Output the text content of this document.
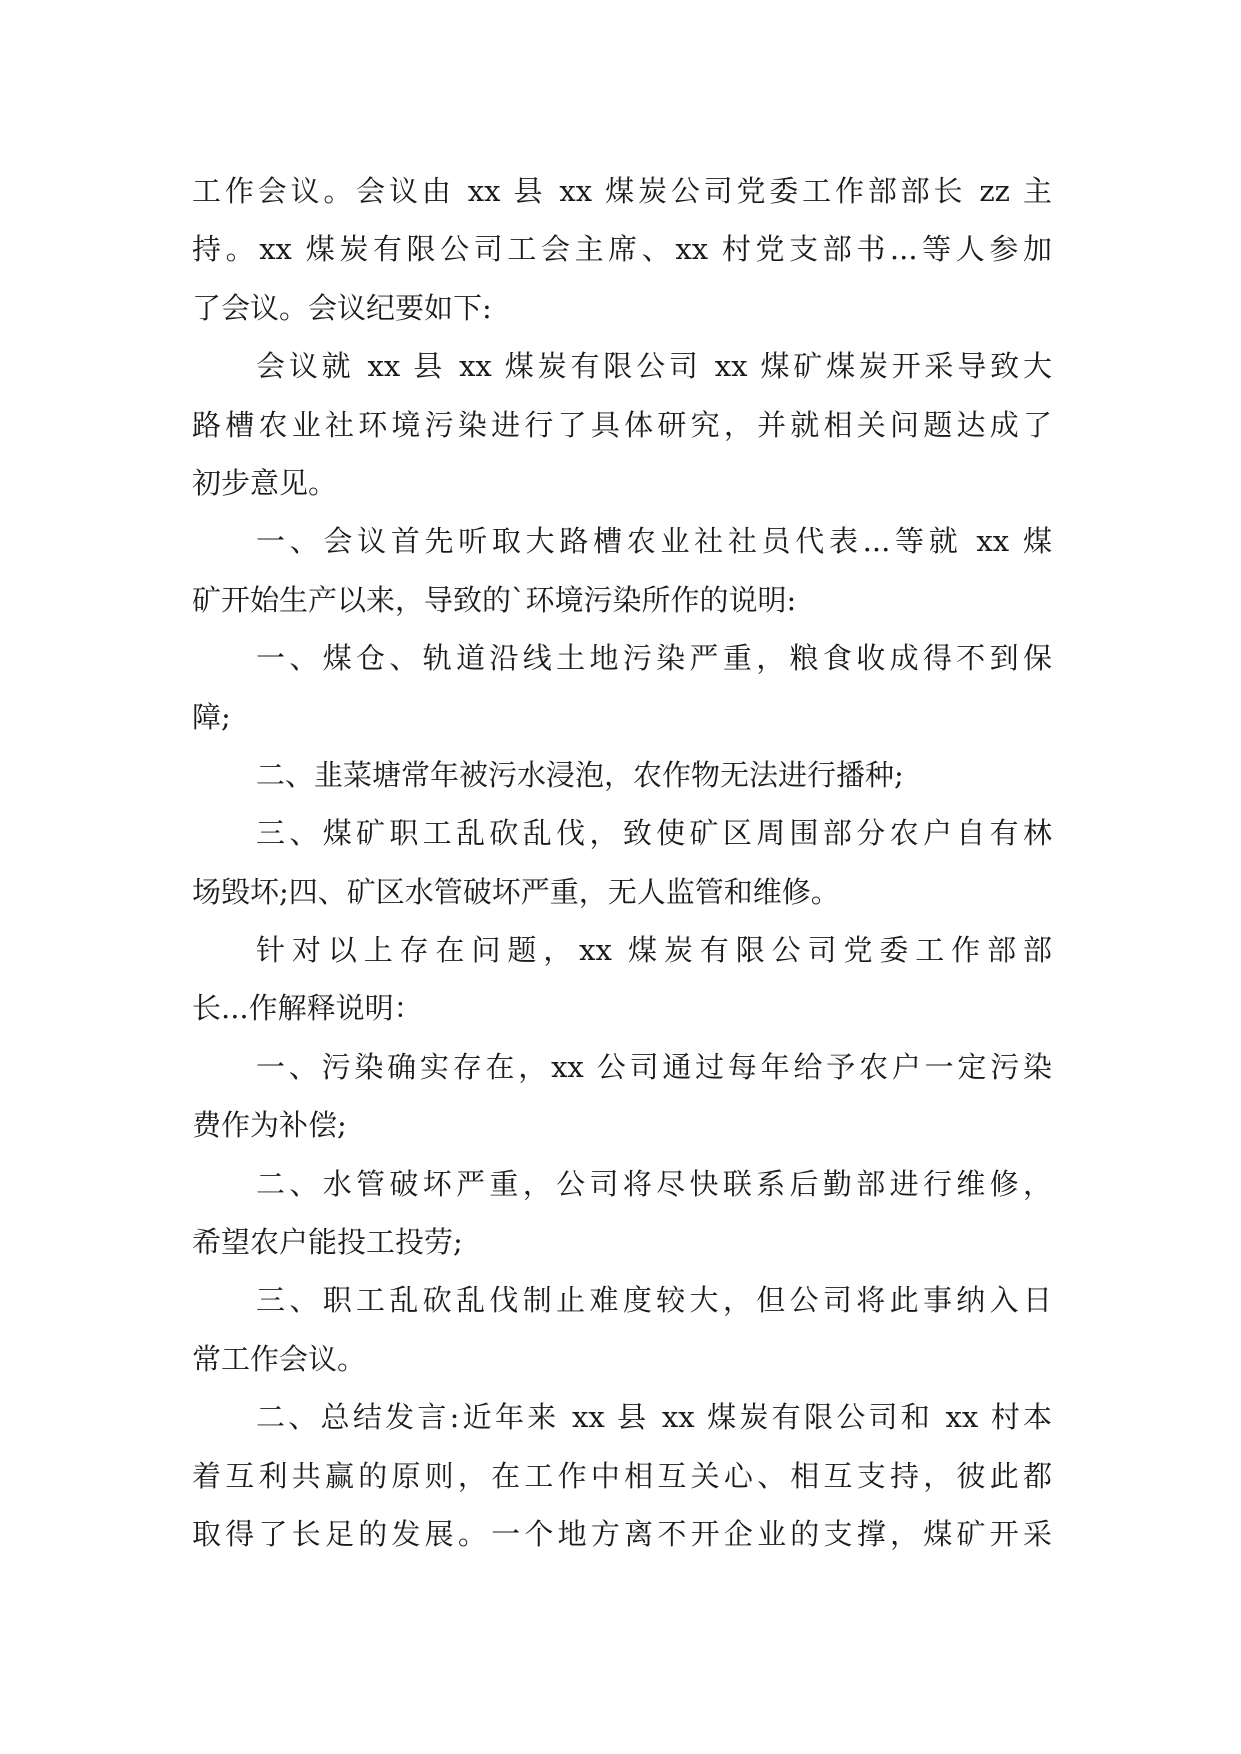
工作会议。会议由 xx 县 xx 煤炭公司党委工作部部长 zz 主
持。xx 煤炭有限公司工会主席、xx 村党支部书...等人参加
了会议。会议纪要如下:
会议就 xx 县 xx 煤炭有限公司 xx 煤矿煤炭开采导致大
路槽农业社环境污染进行了具体研究，并就相关问题达成了
初步意见。
一、会议首先听取大路槽农业社社员代表...等就 xx 煤
矿开始生产以来，导致的`环境污染所作的说明:
一、煤仓、轨道沿线土地污染严重，粮食收成得不到保
障;
二、韭菜塘常年被污水浸泡，农作物无法进行播种;
三、煤矿职工乱砍乱伐，致使矿区周围部分农户自有林
场毁坏;四、矿区水管破坏严重，无人监管和维修。
针对以上存在问题，xx 煤炭有限公司党委工作部部
长...作解释说明：
一、污染确实存在，xx 公司通过每年给予农户一定污染
费作为补偿;
二、水管破坏严重，公司将尽快联系后勤部进行维修，
希望农户能投工投劳;
三、职工乱砍乱伐制止难度较大，但公司将此事纳入日
常工作会议。
二、总结发言:近年来 xx 县 xx 煤炭有限公司和 xx 村本
着互利共赢的原则，在工作中相互关心、相互支持，彼此都
取得了长足的发展。一个地方离不开企业的支撑，煤矿开采
